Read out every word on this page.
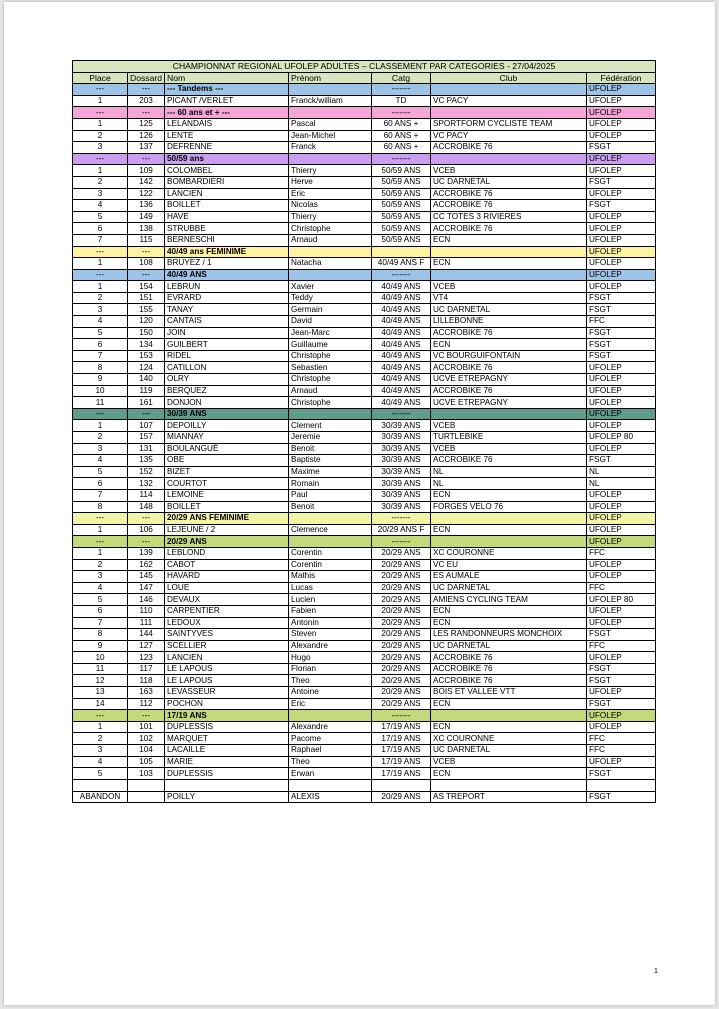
CHAMPIONNAT REGIONAL UFOLEP ADULTES – CLASSEMENT PAR CATEGORIES - 27/04/2025						
Place	Dossard	Nom	Prénom	Catg	Club	Fédération
---	---	--- Tandems ---		-------		UFOLEP
1	203	PICANT /VERLET	Franck/william	TD	VC PACY	UFOLEP
---	---	--- 60 ans et + ---		-------		UFOLEP
1	125	LELANDAIS	Pascal	60 ANS +	SPORTFORM CYCLISTE TEAM	UFOLEP
2	126	LENTE	Jean-Michel	60 ANS +	VC PACY	UFOLEP
3	137	DEFRENNE	Franck	60 ANS +	ACCROBIKE 76	FSGT
---	---	50/59 ans		-------		UFOLEP
1	109	COLOMBEL	Thierry	50/59 ANS	VCEB	UFOLEP
2	142	BOMBARDIERI	Herve	50/59 ANS	UC DARNETAL	FSGT
3	122	LANCIEN	Eric	50/59 ANS	ACCROBIKE 76	UFOLEP
4	136	BOILLET	Nicolas	50/59 ANS	ACCROBIKE 76	FSGT
5	149	HAVE	Thierry	50/59 ANS	CC TOTES 3 RIVIERES	UFOLEP
6	138	STRUBBE	Christophe	50/59 ANS	ACCROBIKE 76	UFOLEP
7	115	BERNESCHI	Arnaud	50/59 ANS	ECN	UFOLEP
---	---	40/49 ans FEMINIME				UFOLEP
1	108	BRUYEZ / 1	Natacha	40/49 ANS F	ECN	UFOLEP
---	---	40/49 ANS		-------		UFOLEP
1	154	LEBRUN	Xavier	40/49 ANS	VCEB	UFOLEP
2	151	EVRARD	Teddy	40/49 ANS	VT4	FSGT
3	155	TANAY	Germain	40/49 ANS	UC DARNETAL	FSGT
4	120	CANTAIS	David	40/49 ANS	LILLEBONNE	FFC
5	150	JOIN	Jean-Marc	40/49 ANS	ACCROBIKE 76	FSGT
6	134	GUILBERT	Guillaume	40/49 ANS	ECN	FSGT
7	153	RIDEL	Christophe	40/49 ANS	VC BOURGUIFONTAIN	FSGT
8	124	CATILLON	Sebastien	40/49 ANS	ACCROBIKE 76	UFOLEP
9	140	OLRY	Christophe	40/49 ANS	UCVE ETREPAGNY	UFOLEP
10	119	BERQUEZ	Arnaud	40/49 ANS	ACCROBIKE 76	UFOLEP
11	161	DONJON	Christophe	40/49 ANS	UCVE ETREPAGNY	UFOLEP
---	---	30/39 ANS		-------		UFOLEP
1	107	DEPOILLY	Clement	30/39 ANS	VCEB	UFOLEP
2	157	MIANNAY	Jeremie	30/39 ANS	TURTLEBIKE	UFOLEP 80
3	131	BOULANGUÉ	Benoit	30/39 ANS	VCEB	UFOLEP
4	135	OBE	Baptiste	30/39 ANS	ACCROBIKE 76	FSGT
5	152	BIZET	Maxime	30/39 ANS	NL	NL
6	132	COURTOT	Romain	30/39 ANS	NL	NL
7	114	LEMOINE	Paul	30/39 ANS	ECN	UFOLEP
8	148	BOILLET	Benoit	30/39 ANS	FORGES VELO 76	UFOLEP
---	---	20/29 ANS FEMINIME		-------		UFOLEP
1	106	LEJEUNE / 2	Clemence	20/29 ANS F	ECN	UFOLEP
---	---	20/29 ANS		-------		UFOLEP
1	139	LEBLOND	Corentin	20/29 ANS	XC COURONNE	FFC
2	162	CABOT	Corentin	20/29 ANS	VC EU	UFOLEP
3	145	HAVARD	Mathis	20/29 ANS	ES AUMALE	UFOLEP
4	147	LOUE	Lucas	20/29 ANS	UC DARNETAL	FFC
5	146	DEVAUX	Lucien	20/29 ANS	AMIENS CYCLING TEAM	UFOLEP 80
6	110	CARPENTIER	Fabien	20/29 ANS	ECN	UFOLEP
7	111	LEDOUX	Antonin	20/29 ANS	ECN	UFOLEP
8	144	SAINTYVES	Steven	20/29 ANS	LES RANDONNEURS MONCHOIX	FSGT
9	127	SCELLIER	Alexandre	20/29 ANS	UC DARNETAL	FFC
10	123	LANCIEN	Hugo	20/29 ANS	ACCROBIKE 76	UFOLEP
11	117	LE LAPOUS	Florian	20/29 ANS	ACCROBIKE 76	FSGT
12	118	LE LAPOUS	Theo	20/29 ANS	ACCROBIKE 76	FSGT
13	163	LEVASSEUR	Antoine	20/29 ANS	BOIS ET VALLEE VTT	UFOLEP
14	112	POCHON	Eric	20/29 ANS	ECN	FSGT
---	---	17/19 ANS		-------		UFOLEP
1	101	DUPLESSIS	Alexandre	17/19 ANS	ECN	UFOLEP
2	102	MARQUET	Pacome	17/19 ANS	XC COURONNE	FFC
3	104	LACAILLE	Raphael	17/19 ANS	UC DARNETAL	FFC
4	105	MARIE	Theo	17/19 ANS	VCEB	UFOLEP
5	103	DUPLESSIS	Erwan	17/19 ANS	ECN	FSGT

ABANDON		POILLY	ALEXIS	20/29 ANS	AS TREPORT	FSGT
1
